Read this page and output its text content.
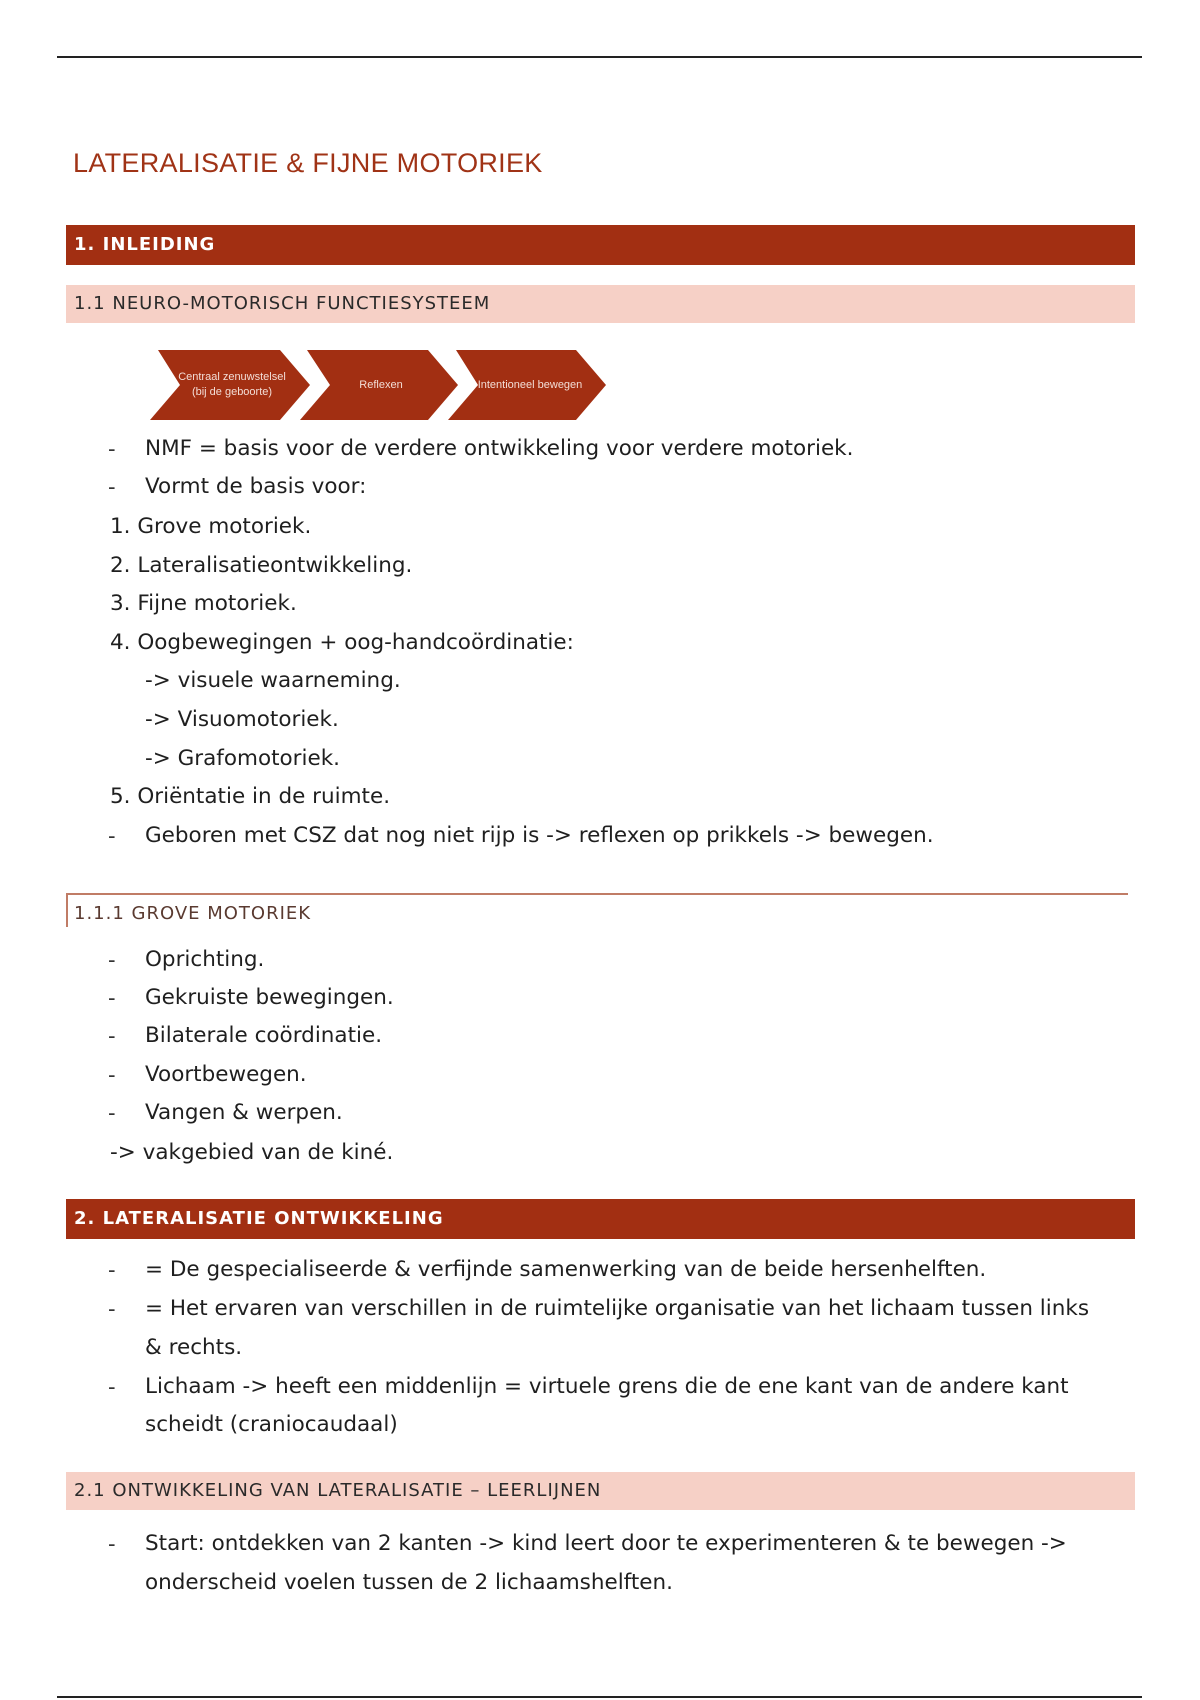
LATERALISATIE & FIJNE MOTORIEK
1. INLEIDING
1.1 NEURO-MOTORISCH FUNCTIESYSTEEM
Centraal zenuwstelsel (bij de geboorte)
Reflexen	Intentioneel bewegen
- NMF = basis voor de verdere ontwikkeling voor verdere motoriek.
- Vormt de basis voor:
1. Grove motoriek.
2. Lateralisatieontwikkeling.
3. Fijne motoriek.
4. Oogbewegingen + oog-handcoördinatie:
-> visuele waarneming.
-> Visuomotoriek.
-> Grafomotoriek.
5. Oriëntatie in de ruimte.
- Geboren met CSZ dat nog niet rijp is -> reflexen op prikkels -> bewegen.
1.1.1 GROVE MOTORIEK
- Oprichting.
- Gekruiste bewegingen.
- Bilaterale coördinatie.
- Voortbewegen.
- Vangen & werpen.
-> vakgebied van de kiné.
2. LATERALISATIE ONTWIKKELING
- = De gespecialiseerde & verfijnde samenwerking van de beide hersenhelften.
- = Het ervaren van verschillen in de ruimtelijke organisatie van het lichaam tussen links
& rechts.
- Lichaam -> heeft een middenlijn = virtuele grens die de ene kant van de andere kant
scheidt (craniocaudaal)
2.1 ONTWIKKELING VAN LATERALISATIE – LEERLIJNEN
- Start: ontdekken van 2 kanten -> kind leert door te experimenteren & te bewegen ->
onderscheid voelen tussen de 2 lichaamshelften.
